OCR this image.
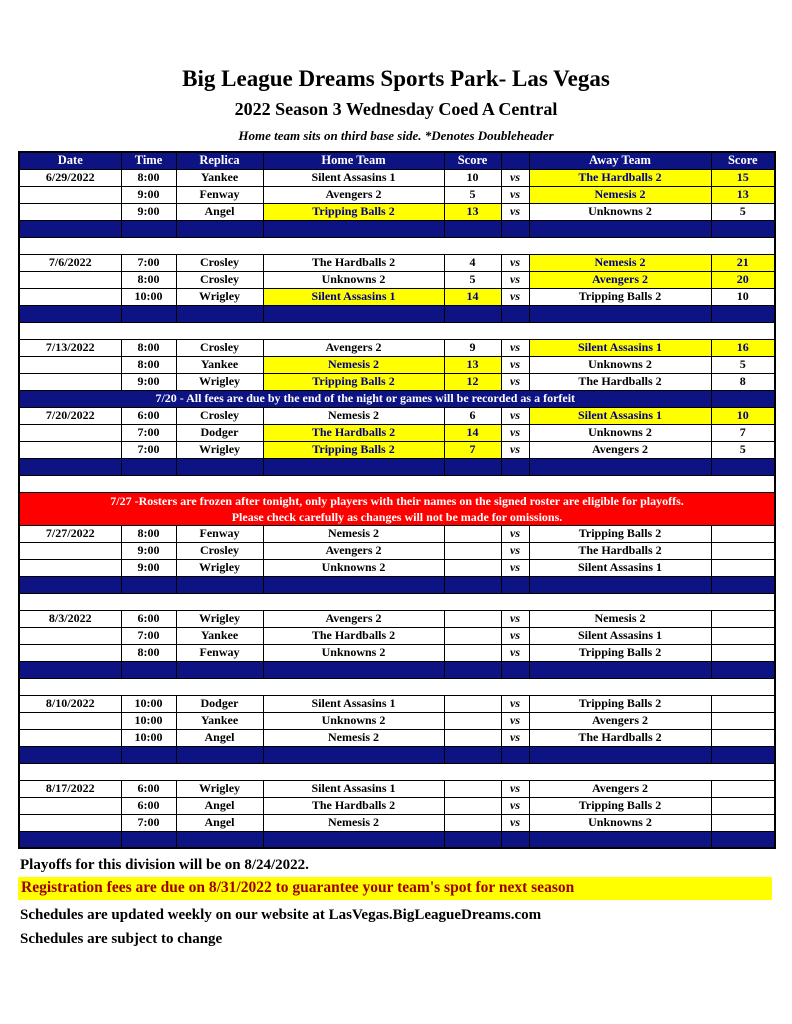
Big League Dreams Sports Park- Las Vegas
2022 Season 3 Wednesday Coed A Central
Home team sits on third base side. *Denotes Doubleheader
Date	Time	Replica	Home Team	Score		Away Team	Score
6/29/2022	8:00	Yankee	Silent Assasins 1	10	vs	The Hardballs 2	15
	9:00	Fenway	Avengers 2	5	vs	Nemesis 2	13
	9:00	Angel	Tripping Balls 2	13	vs	Unknowns 2	5

7/6/2022	7:00	Crosley	The Hardballs 2	4	vs	Nemesis 2	21
	8:00	Crosley	Unknowns 2	5	vs	Avengers 2	20
	10:00	Wrigley	Silent Assasins 1	14	vs	Tripping Balls 2	10

7/13/2022	8:00	Crosley	Avengers 2	9	vs	Silent Assasins 1	16
	8:00	Yankee	Nemesis 2	13	vs	Unknowns 2	5
	9:00	Wrigley	Tripping Balls 2	12	vs	The Hardballs 2	8
7/20 - All fees are due by the end of the night or games will be recorded as a forfeit							
7/20/2022	6:00	Crosley	Nemesis 2	6	vs	Silent Assasins 1	10
	7:00	Dodger	The Hardballs 2	14	vs	Unknowns 2	7
	7:00	Wrigley	Tripping Balls 2	7	vs	Avengers 2	5

7/27 -Rosters are frozen after tonight, only players with their names on the signed roster are eligible for playoffs.
Please check carefully as changes will not be made for omissions.							

7/27/2022	8:00	Fenway	Nemesis 2		vs	Tripping Balls 2	
	9:00	Crosley	Avengers 2		vs	The Hardballs 2	
	9:00	Wrigley	Unknowns 2		vs	Silent Assasins 1	

8/3/2022	6:00	Wrigley	Avengers 2		vs	Nemesis 2	
	7:00	Yankee	The Hardballs 2		vs	Silent Assasins 1	
	8:00	Fenway	Unknowns 2		vs	Tripping Balls 2	

8/10/2022	10:00	Dodger	Silent Assasins 1		vs	Tripping Balls 2	
	10:00	Yankee	Unknowns 2		vs	Avengers 2	
	10:00	Angel	Nemesis 2		vs	The Hardballs 2	

8/17/2022	6:00	Wrigley	Silent Assasins 1		vs	Avengers 2	
	6:00	Angel	The Hardballs 2		vs	Tripping Balls 2	
	7:00	Angel	Nemesis 2		vs	Unknowns 2	

Playoffs for this division will be on 8/24/2022.
Registration fees are due on 8/31/2022 to guarantee your team's spot for next season
Schedules are updated weekly on our website at LasVegas.BigLeagueDreams.com
Schedules are subject to change
